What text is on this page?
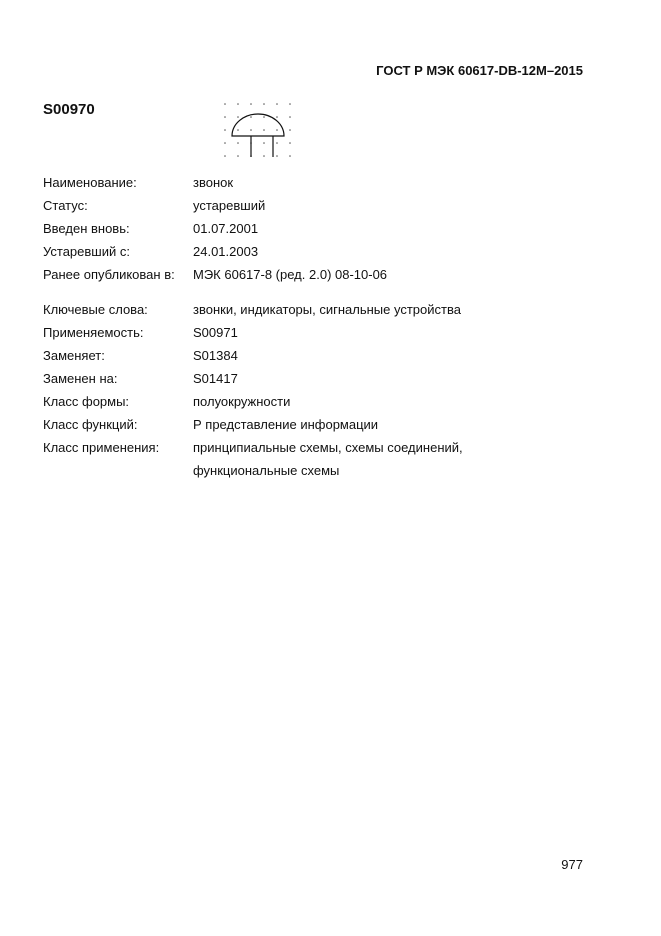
ГОСТ Р МЭК 60617-DB-12M–2015
S00970
Наименование:	звонок
Статус:	устаревший
Введен вновь:	01.07.2001
Устаревший с:	24.01.2003
Ранее опубликован в:	МЭК 60617-8 (ред. 2.0) 08-10-06
Ключевые слова:	звонки, индикаторы, сигнальные устройства
Применяемость:	S00971
Заменяет:	S01384
Заменен на:	S01417
Класс формы:	полуокружности
Класс функций:	Р представление информации
Класс применения:	принципиальные схемы, схемы соединений,
функциональные схемы
977
